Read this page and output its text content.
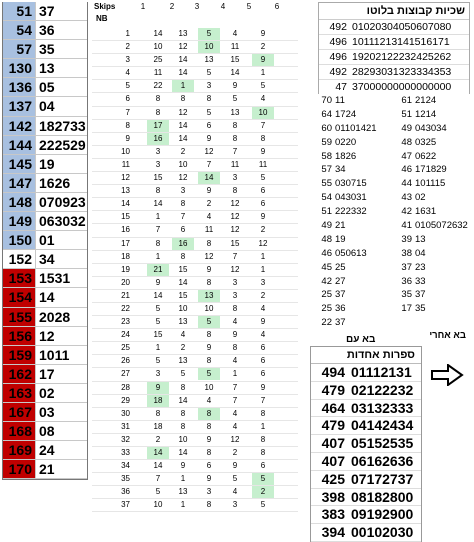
51 37
54 36
57 35
130 13
136 05
137 04
142 182733
144 222529
145 19
147 1626
148 070923
149 063032
150 01
152 34
153 1531
154 14
155 2028
156 12
159 1011
162 17
163 02
167 03
168 08
169 24
170 21
Skips
NB
1	2	3	4	5	6
1	14	13	5	4	9
2	10	12	10	11	2
3	25	14	13	15	9
4	11	14	5	14	1
5	22	1	3	9	5
6	8	8	8	5	4
7	8	12	5	13	10
8	17	14	6	8	7
9	16	14	9	8	8
10	3	2	12	7	9
11	3	10	7	11	11
12	15	12	14	3	5
13	8	3	9	8	6
14	14	8	2	12	6
15	1	7	4	12	9
16	7	6	11	12	2
17	8	16	8	15	12
18	1	8	12	7	1
19	21	15	9	12	1
20	9	14	8	3	3
21	14	15	13	3	2
22	5	10	10	8	4
23	5	13	5	4	9
24	15	4	8	9	4
25	1	2	9	8	6
26	5	13	8	4	6
27	3	5	5	1	6
28	9	8	10	7	9
29	18	14	4	7	7
30	8	8	8	4	8
31	18	8	8	4	1
32	2	10	9	12	8
33	14	14	8	2	8
34	14	9	6	9	6
35	7	1	9	5	5
36	5	13	3	4	2
37	10	1	8	3	5
שכיות קבוצות בלוטו
492 01020304050607080
496 10111213141516171
496 19202122232425262
492 28293031323334353
47 37000000000000000
70 11	61 2124
64 1724	51 1214
60 01101421	49 043034
59 0220	48 0325
58 1826	47 0622
57 34	46 171829
55 030715	44 101115
54 043031	43 02
51 222332	42 1631
49 21	41 0105072632
48 19	39 13
46 050613	38 04
45 25	37 23
42 27	36 33
25 37	35 37
25 36	17 35
22 37
בא אחרי
בא עם
ספרות אחדות
494 01112131
479 02122232
464 03132333
479 04142434
407 05152535
407 06162636
425 07172737
398 08182800
383 09192900
394 00102030
